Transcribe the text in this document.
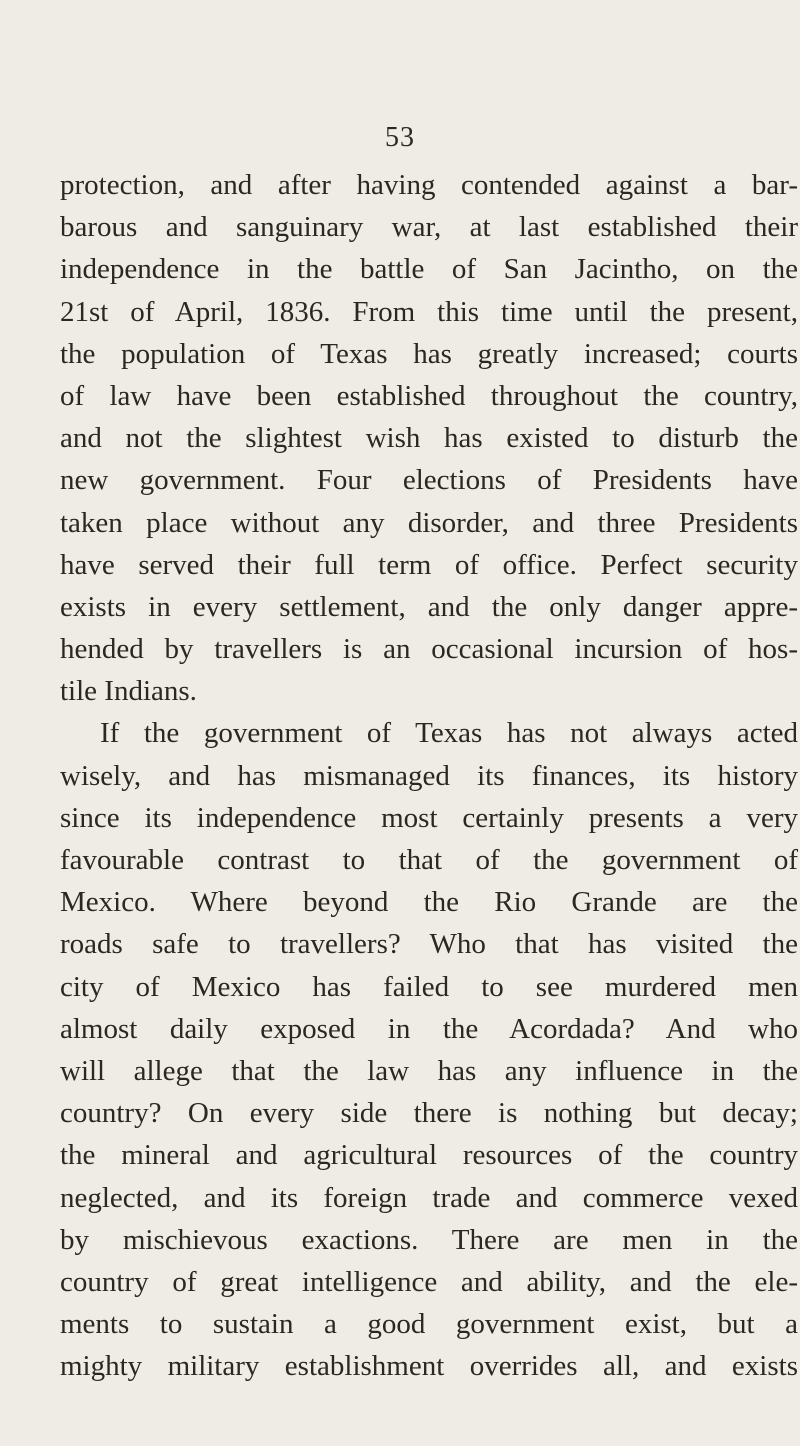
53
protection, and after having contended against a bar-
barous and sanguinary war, at last established their
independence in the battle of San Jacintho, on the
21st of April, 1836. From this time until the present,
the population of Texas has greatly increased; courts
of law have been established throughout the country,
and not the slightest wish has existed to disturb the
new government. Four elections of Presidents have
taken place without any disorder, and three Presidents
have served their full term of office. Perfect security
exists in every settlement, and the only danger appre-
hended by travellers is an occasional incursion of hos-
tile Indians.
If the government of Texas has not always acted
wisely, and has mismanaged its finances, its history
since its independence most certainly presents a very
favourable contrast to that of the government of
Mexico. Where beyond the Rio Grande are the
roads safe to travellers? Who that has visited the
city of Mexico has failed to see murdered men
almost daily exposed in the Acordada? And who
will allege that the law has any influence in the
country? On every side there is nothing but decay;
the mineral and agricultural resources of the country
neglected, and its foreign trade and commerce vexed
by mischievous exactions. There are men in the
country of great intelligence and ability, and the ele-
ments to sustain a good government exist, but a
mighty military establishment overrides all, and exists
